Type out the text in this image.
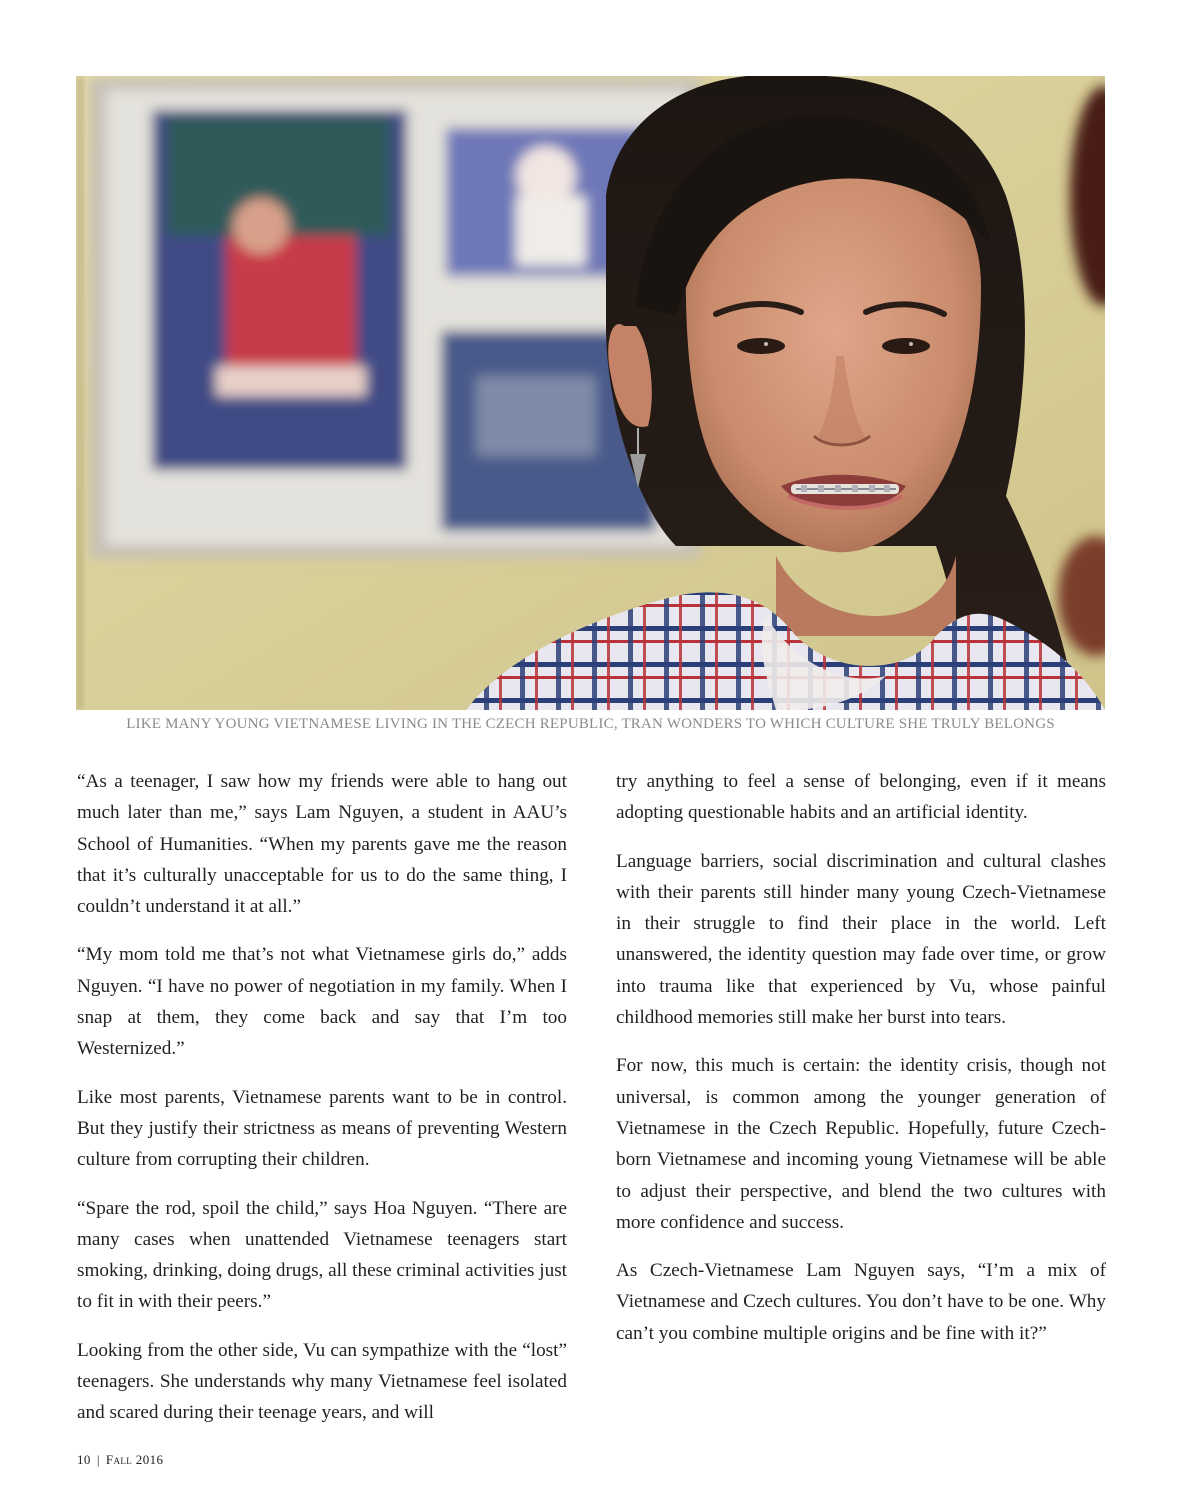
LIKE MANY YOUNG VIETNAMESE LIVING IN THE CZECH REPUBLIC, TRAN WONDERS TO WHICH CULTURE SHE TRULY BELONGS

“As a teenager, I saw how my friends were able to hang out much later than me,” says Lam Nguyen, a student in AAU’s School of Humanities. “When my parents gave me the reason that it’s culturally unacceptable for us to do the same thing, I couldn’t understand it at all.”

“My mom told me that’s not what Vietnamese girls do,” adds Nguyen. “I have no power of negotiation in my family. When I snap at them, they come back and say that I’m too Westernized.”

Like most parents, Vietnamese parents want to be in control. But they justify their strictness as means of preventing Western culture from corrupting their children.

“Spare the rod, spoil the child,” says Hoa Nguyen. “There are many cases when unattended Vietnamese teenagers start smoking, drinking, doing drugs, all these criminal activities just to fit in with their peers.”

Looking from the other side, Vu can sympathize with the “lost” teenagers. She understands why many Vietnamese feel isolated and scared during their teenage years, and will

try anything to feel a sense of belonging, even if it means adopting questionable habits and an artificial identity.

Language barriers, social discrimination and cultural clashes with their parents still hinder many young Czech-Vietnamese in their struggle to find their place in the world. Left unanswered, the identity question may fade over time, or grow into trauma like that experienced by Vu, whose painful childhood memories still make her burst into tears.

For now, this much is certain: the identity crisis, though not universal, is common among the younger generation of Vietnamese in the Czech Republic. Hopefully, future Czech-born Vietnamese and incoming young Vietnamese will be able to adjust their perspective, and blend the two cultures with more confidence and success.

As Czech-Vietnamese Lam Nguyen says, “I’m a mix of Vietnamese and Czech cultures. You don’t have to be one. Why can’t you combine multiple origins and be fine with it?”

10 | Fall 2016
